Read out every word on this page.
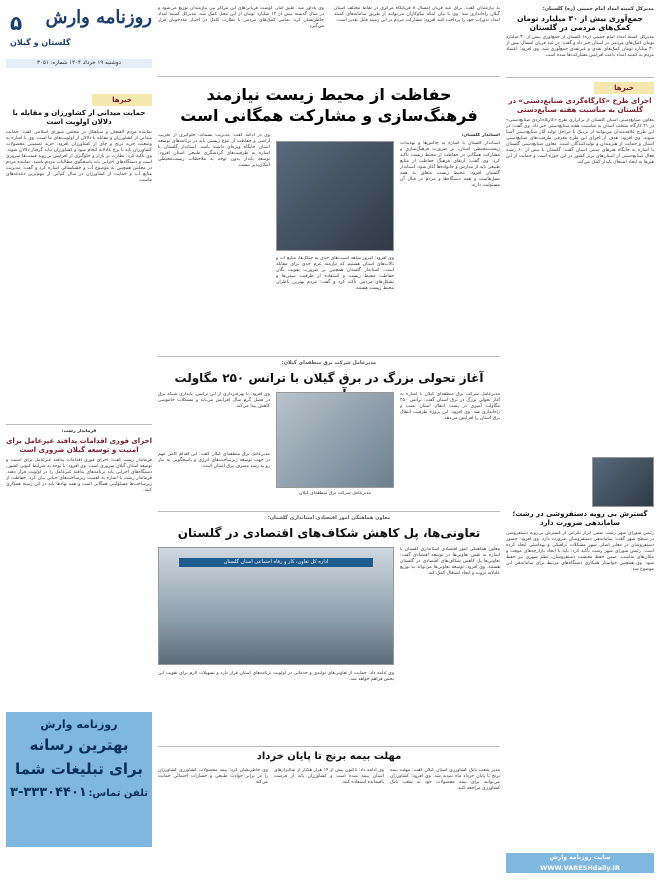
مدیرکل کمیته امداد امام خمینی (ره) گلستان:
جمع‌آوری بیش از ۳۰ میلیارد تومان کمک‌های مردمی در گلستان
مدیرکل کمیته امداد امام خمینی (ره) گلستان از جمع‌آوری بیش از ۳۰ میلیارد تومان کمک‌های مردمی در استان خبر داد و گفت: در عید قربان امسال بیش از ۳۰ میلیارد تومان کمک‌های نقدی و غیرنقدی جمع‌آوری شد. وی افزود: اعتماد مردم به کمیته امداد باعث افزایش مشارکت‌ها شده است.
خبرها
اجرای طرح «کارگاه‌گردی صنایع‌دستی» در گلستان به مناسبت هفته صنایع‌دستی
معاون صنایع‌دستی استان گلستان از برگزاری طرح «کارگاه‌گردی صنایع‌دستی» در ۲۱ کارگاه منتخب استان به مناسبت هفته صنایع‌دستی خبر داد. وی گفت: در این طرح علاقه‌مندان می‌توانند از نزدیک با مراحل تولید آثار صنایع‌دستی آشنا شوند. وی افزود: هدف از اجرای این طرح معرفی ظرفیت‌های صنایع‌دستی استان و حمایت از هنرمندان و تولیدکنندگان است. معاون صنایع‌دستی گلستان با اشاره به جایگاه هنرهای سنتی استان گفت: گلستان با بیش از ۶۰ رشته فعال صنایع‌دستی از استان‌های برتر کشور در این حوزه است و حمایت از این هنرها به ایجاد اشتغال پایدار کمک می‌کند.
گسترش بی رویه دستفروشی در رشت؛ ساماندهی ضرورت دارد
رئیس شورای شهر رشت ضمن ابراز نگرانی از گسترش بی‌رویه دستفروشی در سطح شهر گفت: ساماندهی دستفروشان ضرورت دارد. وی افزود: حضور دستفروشان در معابر اصلی شهر مشکلات ترافیکی و بهداشتی ایجاد کرده است. رئیس شورای شهر رشت تأکید کرد: باید با ایجاد بازارچه‌های موقت و مکان‌های مناسب، ضمن حفظ معیشت دستفروشان، نظم شهری نیز حفظ شود. وی همچنین خواستار همکاری دستگاه‌های مرتبط برای ساماندهی این موضوع شد.
سایت روزنامه وارش
WWW.VARESHdaily.IR
۵ روزنامه وارش
گلستان و گیلان
دوشنبه ۱۹ خرداد ۱۴۰۴ شماره: ۳۰۵۱
خبرها
حمایت میدانی از کشاورزان و مقابله با دلالان اولویت است
نماینده مردم لاهیجان و سیاهکل در مجلس شورای اسلامی گفت: حمایت میدانی از کشاورزان و مقابله با دلالان از اولویت‌های ما است. وی با اشاره به وضعیت خرید برنج و چای از کشاورزان افزود: خرید تضمینی محصولات کشاورزان باید با نرخ عادلانه انجام شود و کشاورزان نباید گرفتار دلالان شوند. وی تأکید کرد: نظارت بر بازار و جلوگیری از افزایش بی‌رویه قیمت‌ها ضروری است و دستگاه‌های اجرایی باید پاسخگوی مطالبات مردم باشند. نماینده مردم در مجلس همچنین به موضوع آب و خشکسالی اشاره کرد و گفت: مدیریت منابع آب و حمایت از کشاورزان در سال کم‌آبی از مهم‌ترین دغدغه‌های ماست.
فرماندار رشت:
اجرای فوری اقدامات پدافند غیرعامل برای امنیت و توسعه گیلان ضروری است
فرماندار رشت گفت: اجرای فوری اقدامات پدافند غیرعامل برای امنیت و توسعه استان گیلان ضروری است. وی افزود: با توجه به شرایط کنونی کشور، دستگاه‌های اجرایی باید برنامه‌های پدافند غیرعامل را در اولویت قرار دهند. فرماندار رشت با اشاره به اهمیت زیرساخت‌های حیاتی بیان کرد: حفاظت از زیرساخت‌ها مسئولیتی همگانی است و همه نهادها باید در این زمینه همکاری کنند.
روزنامه وارش
بهترین رسانه
برای تبلیغات شما
تلفن تماس: ۳۳۳۰۴۴۰۱-۳
به نیازمندان گفت: برای عید قربان امسال ۸ قربانگاه مرکزی در نقاط مختلف استان گیلان راه‌اندازی شد. وی با بیان اینکه نیکوکاران می‌توانند از طریق سامانه‌های کمیته امداد نذورات خود را پرداخت کنند افزود: مشارکت مردم در این زمینه قابل تقدیر است.
وی یادآور شد: طبق آمار، گوشت قربانی‌های این مراکز بین نیازمندان توزیع می‌شود و در سال گذشته بیش از ۱۲ میلیارد تومان از این محل کمک شد. مدیرکل کمیته امداد خاطرنشان کرد: تمامی کمک‌های مردمی با نظارت کامل در اختیار مددجویان قرار می‌گیرد.
حفاظت از محیط زیست نیازمند فرهنگ‌سازی و مشارکت همگانی است
استاندار گلستان:
استاندار گلستان با اشاره به چالش‌ها و تهدیدات زیست‌محیطی استان، بر ضرورت فرهنگ‌سازی و مشارکت همگانی در حفاظت از محیط زیست تأکید کرد. وی گفت: ارتقای فرهنگ حفاظت از منابع طبیعی باید از مدارس و خانواده‌ها آغاز شود. استاندار گلستان افزود: محیط زیست متعلق به همه نسل‌هاست و همه دستگاه‌ها و مردم در قبال آن مسئولیت دارند.
وی افزود: امروز شاهد آسیب‌های جدی به جنگل‌ها، منابع آب و تالاب‌های استان هستیم که نیازمند عزم جدی برای مقابله است. استاندار گلستان همچنین بر ضرورت تقویت یگان حفاظت محیط زیست و استفاده از ظرفیت سمن‌ها و تشکل‌های مردمی تأکید کرد و گفت: مردم بهترین ناظران محیط زیست هستند.
وی در ادامه گفت: مدیریت پسماند، جلوگیری از تخریب اراضی و حفاظت از تنوع زیستی باید در برنامه‌های توسعه استان جایگاه ویژه‌ای داشته باشد. استاندار گلستان با اشاره به ظرفیت‌های گردشگری طبیعی استان افزود: توسعه پایدار بدون توجه به ملاحظات زیست‌محیطی امکان‌پذیر نیست.
مدیرعامل شرکت برق منطقه‌ای گیلان:
آغاز تحولی بزرگ در برق گیلان با ترانس ۲۵۰ مگاولت
مدیرعامل شرکت برق منطقه‌ای گیلان با اشاره به آغاز تحولی بزرگ در برق استان گفت: ترانس ۲۵۰ مگاولت آمپری در پست انتقال استان نصب و راه‌اندازی شد. وی افزود: این پروژه ظرفیت انتقال برق استان را افزایش می‌دهد.
مدیرعامل شرکت برق منطقه‌ای گیلان
وی افزود: با بهره‌برداری از این ترانس، پایداری شبکه برق در فصل گرم سال افزایش می‌یابد و مشکلات خاموشی کاهش پیدا می‌کند.
مدیرعامل برق منطقه‌ای گیلان گفت: این اقدام گامی مهم در جهت توسعه زیرساخت‌های انرژی و پاسخگویی به نیاز رو به رشد مصرف برق استان است.
معاون هماهنگی امور اقتصادی استانداری گلستان:
تعاونی‌ها، پل کاهش شکاف‌های اقتصادی در گلستان
معاون هماهنگی امور اقتصادی استانداری گلستان با اشاره به نقش تعاونی‌ها در توسعه اقتصادی گفت: تعاونی‌ها پل کاهش شکاف‌های اقتصادی در گلستان هستند. وی افزود: توسعه تعاونی‌ها می‌تواند به توزیع عادلانه ثروت و ایجاد اشتغال کمک کند.
اداره کل تعاون، کار و رفاه اجتماعی استان گلستان
وی ادامه داد: حمایت از تعاونی‌های تولیدی و خدماتی در اولویت برنامه‌های استان قرار دارد و تسهیلات لازم برای تقویت این بخش فراهم خواهد شد.
مهلت بیمه برنج تا پایان خرداد
مدیر شعب بانک کشاورزی استان گیلان گفت: مهلت بیمه برنج تا پایان خرداد ماه تمدید شد. وی افزود: کشاورزان می‌توانند برای بیمه محصولات خود به شعب بانک کشاورزی مراجعه کنند.
وی ادامه داد: تاکنون بیش از ۱۴ هزار هکتار از شالیزارهای استان بیمه شده است و کشاورزان باید از فرصت باقیمانده استفاده کنند.
وی خاطرنشان کرد: بیمه محصولات کشاورزی کشاورزان را در برابر حوادث طبیعی و خسارات احتمالی حمایت می‌کند.
